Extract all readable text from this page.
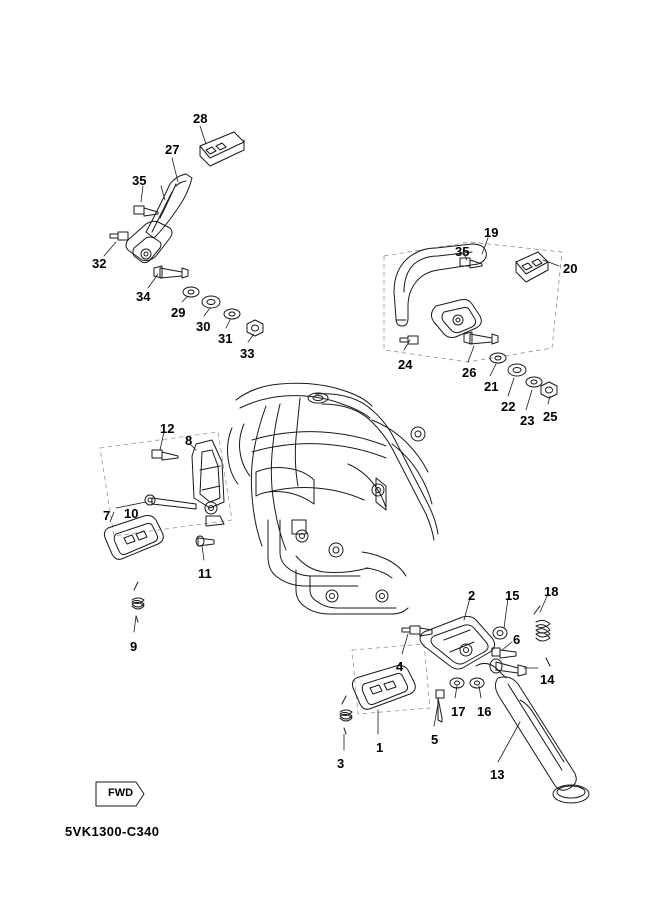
28
27
35
32
34
29
30
31
33
35
19
20
24
26
21
22
23 25
12
8
7 10
11
9
2 15 18
6
4
14
17 16
5
3
1
13
FWD
5VK1300-C340
